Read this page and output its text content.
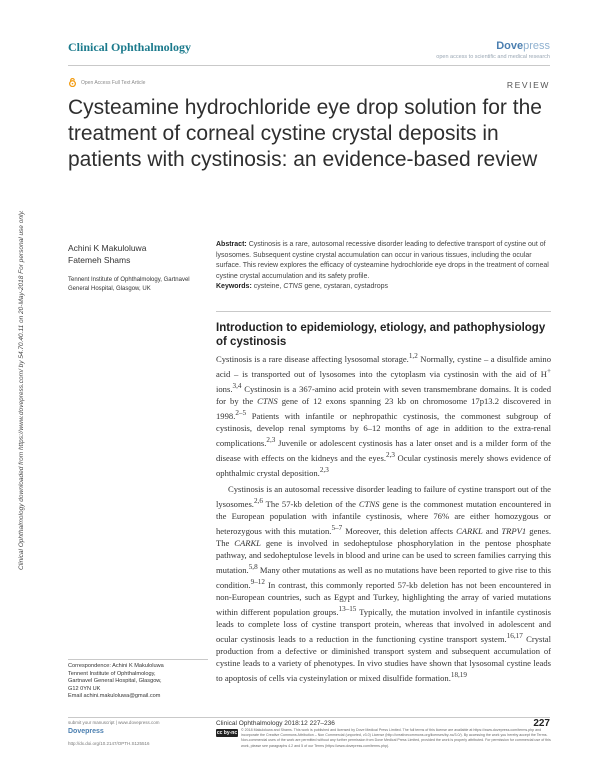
Clinical Ophthalmology	Dovepress
open access to scientific and medical research
Open Access Full Text Article	REVIEW
Cysteamine hydrochloride eye drop solution for the treatment of corneal cystine crystal deposits in patients with cystinosis: an evidence-based review
Clinical Ophthalmology downloaded from https://www.dovepress.com/ by 54.70.40.11 on 20-May-2018 For personal use only.	Achini K Makuloluwa
Fatemeh Shams
Tennent Institute of Ophthalmology, Gartnavel General Hospital, Glasgow, UK
Abstract: Cystinosis is a rare, autosomal recessive disorder leading to defective transport of cystine out of lysosomes. Subsequent cystine crystal accumulation can occur in various tissues, including the ocular surface. This review explores the efficacy of cysteamine hydrochloride eye drops in the treatment of corneal cystine crystal accumulation and its safety profile.
Keywords: cysteine, CTNS gene, cystaran, cystadrops
Introduction to epidemiology, etiology, and pathophysiology of cystinosis

Cystinosis is a rare disease affecting lysosomal storage.$^{1,2}$ Normally, cystine – a disulfide amino acid – is transported out of lysosomes into the cytoplasm via cystinosin with the aid of H+ ions.$^{3,4}$ Cystinosin is a 367-amino acid protein with seven transmembrane domains. It is coded for by the CTNS gene of 12 exons spanning 23 kb on chromosome 17p13.2 discovered in 1998.$^{2-5}$ Patients with infantile or nephropathic cystinosis, the commonest subgroup of cystinosis, develop renal symptoms by 6–12 months of age in addition to the extra-renal complications.$^{2,3}$ Juvenile or adolescent cystinosis has a later onset and is a milder form of the disease with effects on the kidneys and the eyes.$^{2,3}$ Ocular cystinosis merely shows evidence of ophthalmic crystal deposition.$^{2,3}$

Cystinosis is an autosomal recessive disorder leading to failure of cystine transport out of the lysosomes.$^{2,6}$ The 57-kb deletion of the CTNS gene is the commonest mutation encountered in the European population with infantile cystinosis, where 76% are either homozygous or heterozygous with this mutation.$^{5-7}$ Moreover, this deletion affects CARKL and TRPV1 genes. The CARKL gene is involved in sedoheptulose phosphorylation in the pentose phosphate pathway, and sedoheptulose levels in blood and urine can be used to screen families carrying this mutation.$^{5,8}$ Many other mutations as well as no mutations have been reported to give rise to this condition.$^{9-12}$ In contrast, this commonly reported 57-kb deletion has not been encountered in non-European countries, such as Egypt and Turkey, highlighting the array of varied mutations within different population groups.$^{13-15}$ Typically, the mutation involved in infantile cystinosis leads to complete loss of cystine transport protein, whereas that involved in adolescent and ocular cystinosis leads to a reduction in the functioning cystine transport system.$^{16,17}$ Crystal production from a defective or diminished transport system and subsequent accumulation of cystine leads to a variety of phenotypes. In vivo studies have shown that lysosomal cystine leads to apoptosis of cells via cysteinylation or mixed disulfide formation.$^{18,19}$

Correspondence: Achini K Makuloluwa
Tennent Institute of Ophthalmology,
Gartnavel General Hospital, Glasgow,
G12 0YN UK
Email achini.makuloluwa@gmail.com
submit your manuscript | www.dovepress.com
Dovepress
http://dx.doi.org/10.2147/OPTH.S125516
Clinical Ophthalmology 2018:12 227–236	227
cc by-nc © 2018 Makuloluwa and Shams. This work is published and licensed by Dove Medical Press Limited. The full terms of this license are available at https://www.dovepress.com/terms.php and incorporate the Creative Commons Attribution – Non Commercial (unported, v3.0) License (http://creativecommons.org/licenses/by-nc/3.0/). By accessing the work you hereby accept the Terms. Non-commercial uses of the work are permitted without any further permission from Dove Medical Press Limited, provided the work is properly attributed. For permission for commercial use of this work, please see paragraphs 4.2 and 5 of our Terms (https://www.dovepress.com/terms.php).
